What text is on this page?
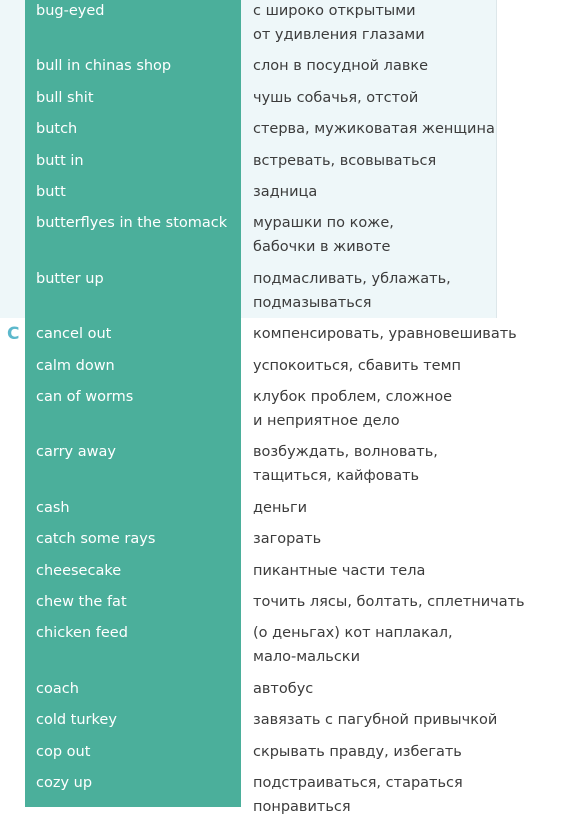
bug-eyed	с широко открытыми
от удивления глазами
bull in chinas shop	слон в посудной лавке
bull shit	чушь собачья, отстой
butch	стерва, мужиковатая женщина
butt in	встревать, всовываться
butt	задница
butterflyes in the stomack	мурашки по коже,
бабочки в животе
butter up	подмасливать, ублажать,
подмазываться
C cancel out	компенсировать, уравновешивать
calm down	успокоиться, сбавить темп
can of worms	клубок проблем, сложное
и неприятное дело
carry away	возбуждать, волновать,
тащиться, кайфовать
cash	деньги
catch some rays	загорать
cheesecake	пикантные части тела
chew the fat	точить лясы, болтать, сплетничать
chicken feed	(о деньгах) кот наплакал,
мало-мальски
coach	автобус
cold turkey	завязать с пагубной привычкой
cop out	скрывать правду, избегать
cozy up	подстраиваться, стараться
понравиться
